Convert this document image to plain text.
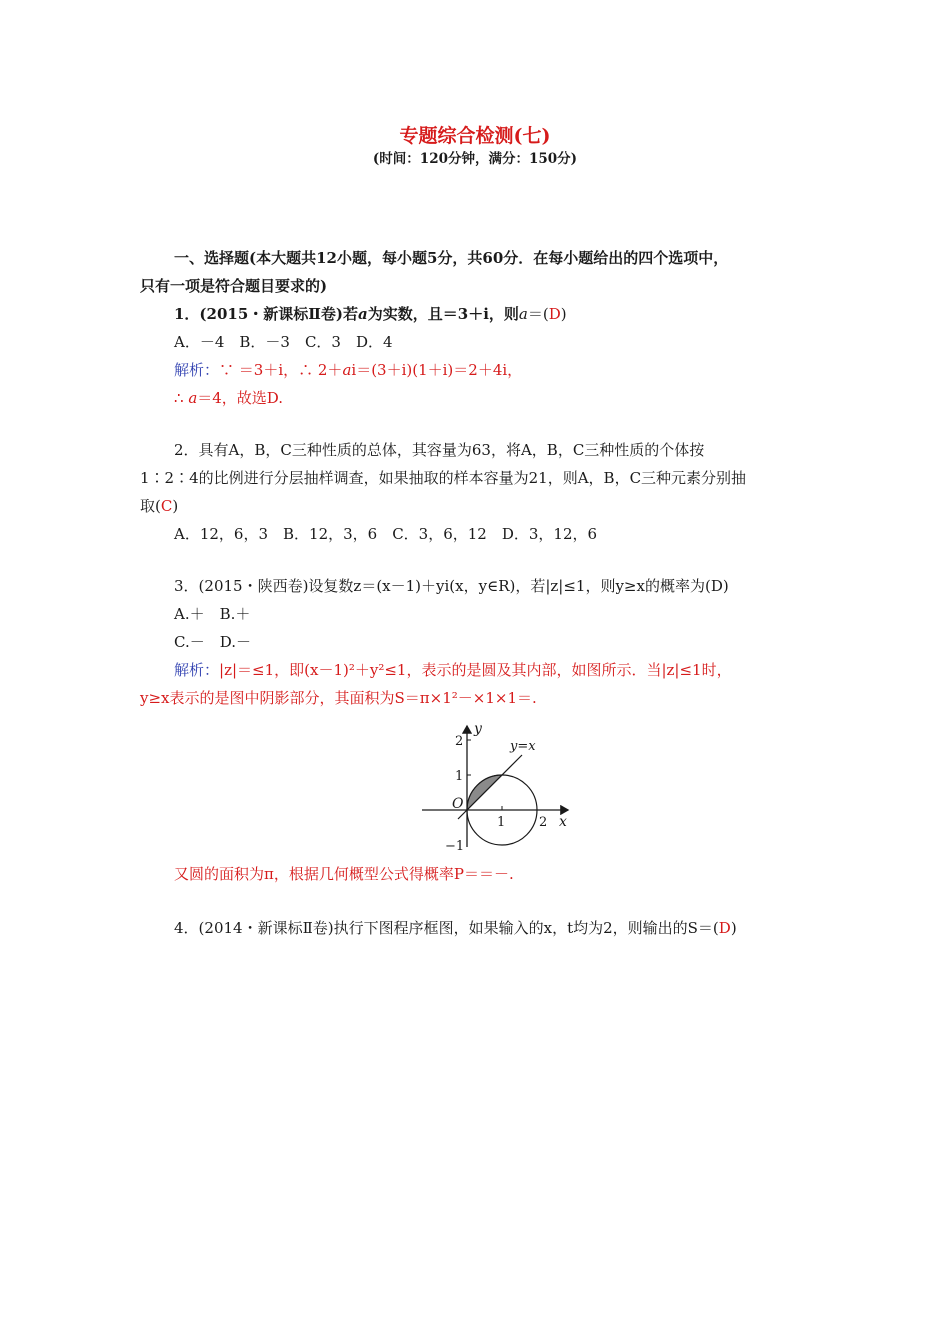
专题综合检测(七)
(时间：120分钟，满分：150分)
一、选择题(本大题共12小题，每小题5分，共60分．在每小题给出的四个选项中，
只有一项是符合题目要求的)
1．(2015・新课标Ⅱ卷)若a为实数，且＝3＋i，则a＝(D)
A．－4　B．－3　C．3　D．4
解析：∵ ＝3＋i，∴ 2＋ai＝(3＋i)(1＋i)＝2＋4i，
∴ a＝4，故选D.
2．具有A，B，C三种性质的总体，其容量为63，将A，B，C三种性质的个体按
1∶2∶4的比例进行分层抽样调查，如果抽取的样本容量为21，则A，B，C三种元素分别抽
取(C)
A．12，6，3　B．12，3，6　C．3，6，12　D．3，12，6
3．(2015・陕西卷)设复数z＝(x－1)＋yi(x，y∈R)，若|z|≤1，则y≥x的概率为(D)
A.＋　B.＋
C.－　D.－
解析：|z|＝≤1，即(x－1)²＋y²≤1，表示的是圆及其内部，如图所示．当|z|≤1时，
y≥x表示的是图中阴影部分，其面积为S＝π×1²－×1×1＝.
y
x
y=x
O
2
1
−1
1	2
又圆的面积为π，根据几何概型公式得概率P＝＝－.
4．(2014・新课标Ⅱ卷)执行下图程序框图，如果输入的x，t均为2，则输出的S＝(D)
